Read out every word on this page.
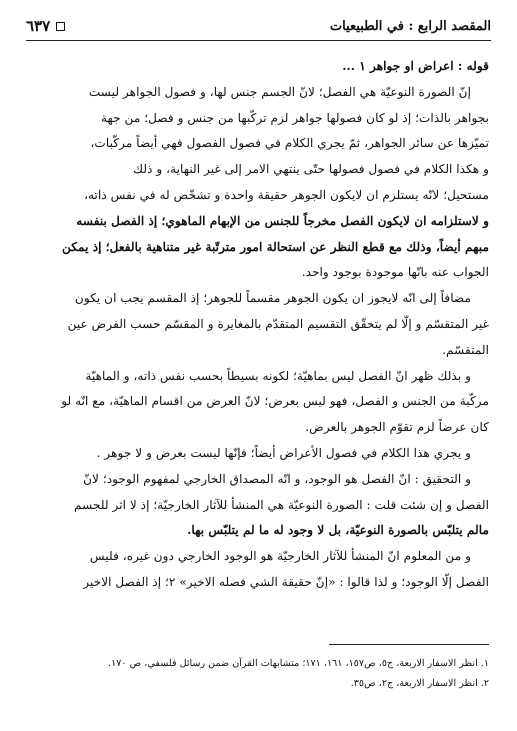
المقصد الرابع : في الطبيعيات
٦٣٧

قوله : اعراض او جواهر ١ ...

إنّ الصورة النوعيّة هي الفصل؛ لانّ الجسم جنس لها، و فصول الجواهر ليست

بجواهر بالذات؛ إذ لو كان فصولها جواهر لزم تركّبها من جنس و فصل؛ من جهة

تميّزها عن سائر الجواهر، ثمّ يجري الكلام في فصول الفصول فهي أيضاً مركّبات،

و هكذا الكلام في فصول فصولها حتّى ينتهي الامر إلى غير النهاية، و ذلك

مستحيل؛ لانّه يستلزم ان لايكون الجوهر حقيقة واحدة و تشخّص له في نفس ذاته،

و لاستلزامه ان لايكون الفصل مخرجاً للجنس من الإبهام الماهوي؛ إذ الفصل بنفسه

مبهم أيضاً، وذلك مع قطع النظر عن استحالة امور مترتّبة غير متناهية بالفعل؛ إذ يمكن

الجواب عنه بانّها موجودة بوجود واحد.

مضافاً إلى انّه لايجوز ان يكون الجوهر مقسماً للجوهر؛ إذ المقسم يجب ان يكون

غير المتقسّم و إلّا لم يتحقّق التقسيم المتقدّم بالمغايرة و المقسّم حسب الفرض عين

المتقسّم.

و بذلك ظهر انّ الفصل ليس بماهيّة؛ لكونه بسيطاً بحسب نفس ذاته، و الماهيّة

مركّبة من الجنس و الفصل، فهو ليس بعرض؛ لانّ العرض من اقسام الماهيّة، مع انّه لو

كان عرضاً لزم تقوّم الجوهر بالعرض.

و يجري هذا الكلام في فصول الأعراض أيضاً؛ فإنّها ليست بعرض و لا جوهر .

و التحقيق : انّ الفصل هو الوجود، و انّه المصداق الخارجي لمفهوم الوجود؛ لانّ

الفصل و إن شئت قلت : الصورة النوعيّة هي المنشأ للآثار الخارجيّة؛ إذ لا اثر للجسم

مالم يتلبّس بالصورة النوعيّة، بل لا وجود له ما لم يتلبّس بها.

و من المعلوم انّ المنشأ للآثار الخارجيّة هو الوجود الخارجي دون غيره، فليس

الفصل إلّا الوجود؛ و لذا قالوا : «إنّ حقيقة الشي فصله الاخير» ٢؛ إذ الفصل الاخير

١. انظر الاسفار الاربعة، ج٥، ص١٥٧، ١٦١، ١٧١؛ متشابهات القرآن ضمن رسائل فلسفي، ص ١٧٠.
٢. انظر الاسفار الاربعة، ج٢، ص٣٥.
